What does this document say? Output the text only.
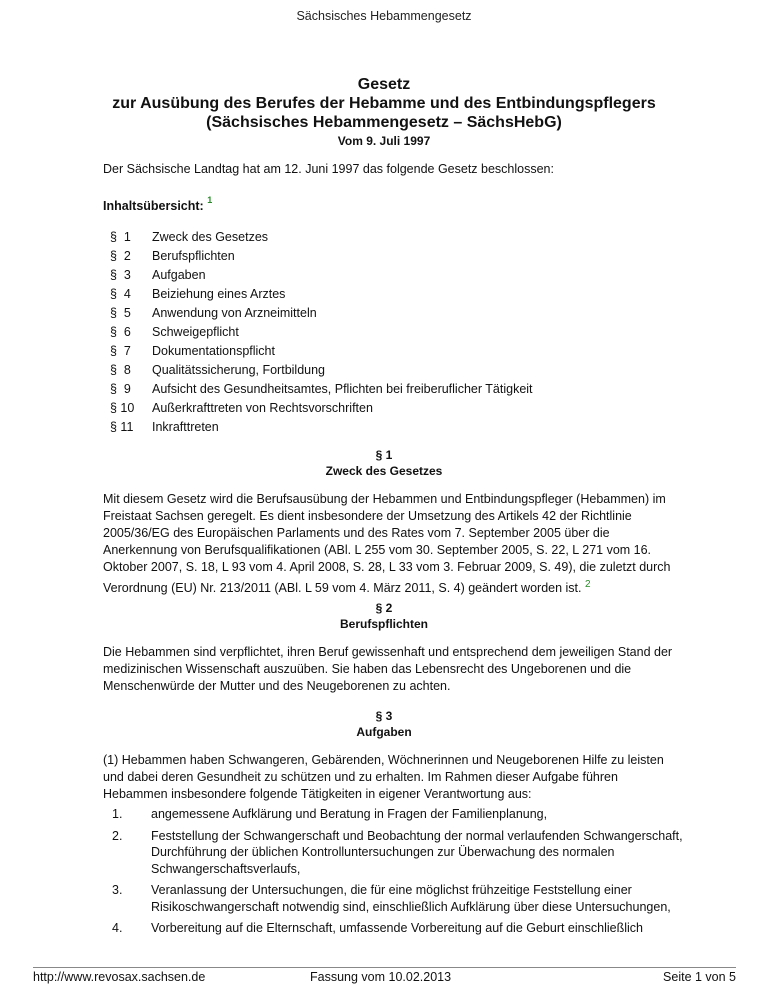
Sächsisches Hebammengesetz
Gesetz
zur Ausübung des Berufes der Hebamme und des Entbindungspflegers
(Sächsisches Hebammengesetz – SächsHebG)
Vom 9. Juli 1997
Der Sächsische Landtag hat am 12. Juni 1997 das folgende Gesetz beschlossen:
Inhaltsübersicht: $^1$
§  1	Zweck des Gesetzes
§  2	Berufspflichten
§  3	Aufgaben
§  4	Beiziehung eines Arztes
§  5	Anwendung von Arzneimitteln
§  6	Schweigepflicht
§  7	Dokumentationspflicht
§  8	Qualitätssicherung, Fortbildung
§  9	Aufsicht des Gesundheitsamtes, Pflichten bei freiberuflicher Tätigkeit
§ 10	Außerkrafttreten von Rechtsvorschriften
§ 11	Inkrafttreten
§ 1
Zweck des Gesetzes
Mit diesem Gesetz wird die Berufsausübung der Hebammen und Entbindungspfleger (Hebammen) im Freistaat Sachsen geregelt. Es dient insbesondere der Umsetzung des Artikels 42 der Richtlinie 2005/36/EG des Europäischen Parlaments und des Rates vom 7. September 2005 über die Anerkennung von Berufsqualifikationen (ABl. L 255 vom 30. September 2005, S. 22, L 271 vom 16. Oktober 2007, S. 18, L 93 vom 4. April 2008, S. 28, L 33 vom 3. Februar 2009, S. 49), die zuletzt durch Verordnung (EU) Nr. 213/2011 (ABl. L 59 vom 4. März 2011, S. 4) geändert worden ist. $^2$
§ 2
Berufspflichten
Die Hebammen sind verpflichtet, ihren Beruf gewissenhaft und entsprechend dem jeweiligen Stand der medizinischen Wissenschaft auszuüben. Sie haben das Lebensrecht des Ungeborenen und die Menschenwürde der Mutter und des Neugeborenen zu achten.
§ 3
Aufgaben
(1) Hebammen haben Schwangeren, Gebärenden, Wöchnerinnen und Neugeborenen Hilfe zu leisten und dabei deren Gesundheit zu schützen und zu erhalten. Im Rahmen dieser Aufgabe führen Hebammen insbesondere folgende Tätigkeiten in eigener Verantwortung aus:
1.	angemessene Aufklärung und Beratung in Fragen der Familienplanung,
2.	Feststellung der Schwangerschaft und Beobachtung der normal verlaufenden Schwangerschaft, Durchführung der üblichen Kontrolluntersuchungen zur Überwachung des normalen Schwangerschaftsverlaufs,
3.	Veranlassung der Untersuchungen, die für eine möglichst frühzeitige Feststellung einer Risikoschwangerschaft notwendig sind, einschließlich Aufklärung über diese Untersuchungen,
4.	Vorbereitung auf die Elternschaft, umfassende Vorbereitung auf die Geburt einschließlich
http://www.revosax.sachsen.de	Fassung vom 10.02.2013	Seite 1 von 5
